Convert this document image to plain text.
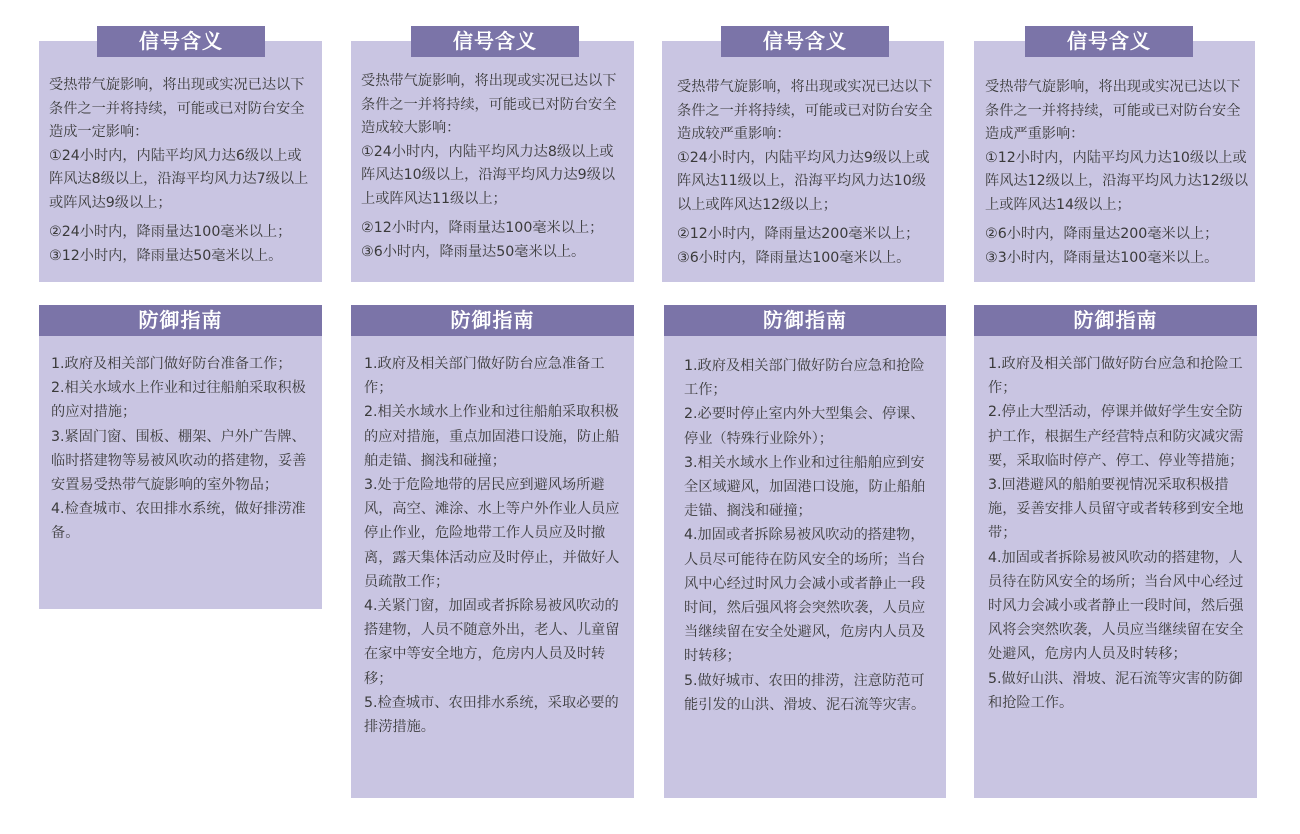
信号含义
受热带气旋影响，将出现或实况已达以下条件之一并将持续，可能或已对防台安全造成一定影响：
①24小时内，内陆平均风力达6级以上或阵风达8级以上，沿海平均风力达7级以上或阵风达9级以上；
②24小时内，降雨量达100毫米以上；
③12小时内，降雨量达50毫米以上。
防御指南
1.政府及相关部门做好防台准备工作；
2.相关水域水上作业和过往船舶采取积极的应对措施；
3.紧固门窗、围板、棚架、户外广告牌、临时搭建物等易被风吹动的搭建物，妥善安置易受热带气旋影响的室外物品；
4.检查城市、农田排水系统，做好排涝准备。
信号含义
受热带气旋影响，将出现或实况已达以下条件之一并将持续，可能或已对防台安全造成较大影响：
①24小时内，内陆平均风力达8级以上或阵风达10级以上，沿海平均风力达9级以上或阵风达11级以上；
②12小时内，降雨量达100毫米以上；
③6小时内，降雨量达50毫米以上。
防御指南
1.政府及相关部门做好防台应急准备工作；
2.相关水域水上作业和过往船舶采取积极的应对措施，重点加固港口设施，防止船舶走锚、搁浅和碰撞；
3.处于危险地带的居民应到避风场所避风，高空、滩涂、水上等户外作业人员应停止作业，危险地带工作人员应及时撤离，露天集体活动应及时停止，并做好人员疏散工作；
4.关紧门窗，加固或者拆除易被风吹动的搭建物，人员不随意外出，老人、儿童留在家中等安全地方，危房内人员及时转移；
5.检查城市、农田排水系统，采取必要的排涝措施。
信号含义
受热带气旋影响，将出现或实况已达以下条件之一并将持续，可能或已对防台安全造成较严重影响：
①24小时内，内陆平均风力达9级以上或阵风达11级以上，沿海平均风力达10级以上或阵风达12级以上；
②12小时内，降雨量达200毫米以上；
③6小时内，降雨量达100毫米以上。
防御指南
1.政府及相关部门做好防台应急和抢险工作；
2.必要时停止室内外大型集会、停课、停业（特殊行业除外）；
3.相关水域水上作业和过往船舶应到安全区域避风，加固港口设施，防止船舶走锚、搁浅和碰撞；
4.加固或者拆除易被风吹动的搭建物，人员尽可能待在防风安全的场所；当台风中心经过时风力会减小或者静止一段时间，然后强风将会突然吹袭，人员应当继续留在安全处避风，危房内人员及时转移；
5.做好城市、农田的排涝，注意防范可能引发的山洪、滑坡、泥石流等灾害。
信号含义
受热带气旋影响，将出现或实况已达以下条件之一并将持续，可能或已对防台安全造成严重影响：
①12小时内，内陆平均风力达10级以上或阵风达12级以上，沿海平均风力达12级以上或阵风达14级以上；
②6小时内，降雨量达200毫米以上；
③3小时内，降雨量达100毫米以上。
防御指南
1.政府及相关部门做好防台应急和抢险工作；
2.停止大型活动，停课并做好学生安全防护工作，根据生产经营特点和防灾减灾需要，采取临时停产、停工、停业等措施；
3.回港避风的船舶要视情况采取积极措施，妥善安排人员留守或者转移到安全地带；
4.加固或者拆除易被风吹动的搭建物，人员待在防风安全的场所；当台风中心经过时风力会减小或者静止一段时间，然后强风将会突然吹袭，人员应当继续留在安全处避风，危房内人员及时转移；
5.做好山洪、滑坡、泥石流等灾害的防御和抢险工作。
